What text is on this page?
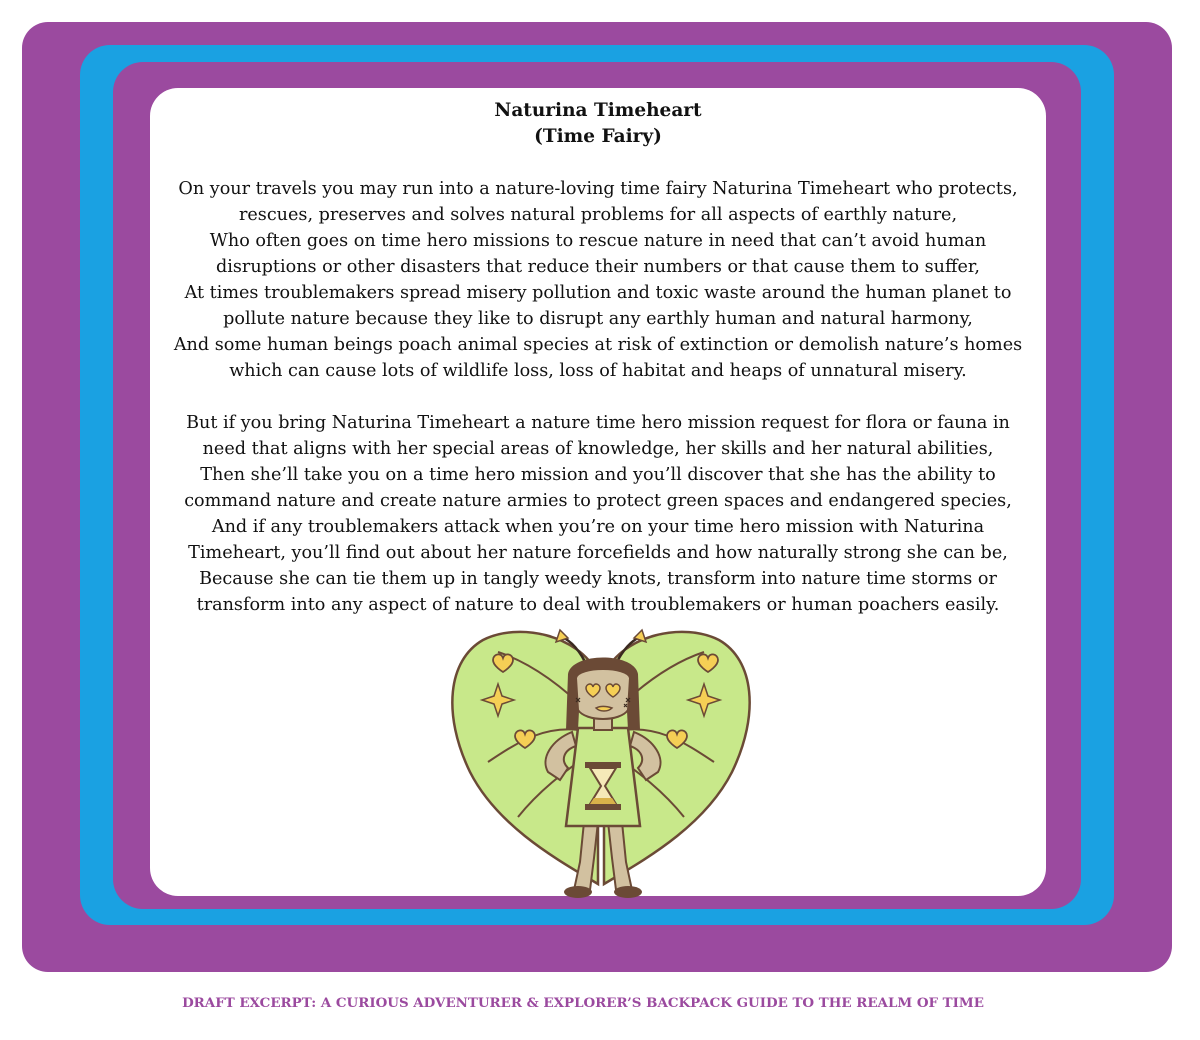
Naturina Timeheart
(Time Fairy)
On your travels you may run into a nature-loving time fairy Naturina Timeheart who protects,
rescues, preserves and solves natural problems for all aspects of earthly nature,
Who often goes on time hero missions to rescue nature in need that can’t avoid human
disruptions or other disasters that reduce their numbers or that cause them to suffer,
At times troublemakers spread misery pollution and toxic waste around the human planet to
pollute nature because they like to disrupt any earthly human and natural harmony,
And some human beings poach animal species at risk of extinction or demolish nature’s homes
which can cause lots of wildlife loss, loss of habitat and heaps of unnatural misery.
But if you bring Naturina Timeheart a nature time hero mission request for flora or fauna in
need that aligns with her special areas of knowledge, her skills and her natural abilities,
Then she’ll take you on a time hero mission and you’ll discover that she has the ability to
command nature and create nature armies to protect green spaces and endangered species,
And if any troublemakers attack when you’re on your time hero mission with Naturina
Timeheart, you’ll find out about her nature forcefields and how naturally strong she can be,
Because she can tie them up in tangly weedy knots, transform into nature time storms or
transform into any aspect of nature to deal with troublemakers or human poachers easily.
DRAFT EXCERPT: A CURIOUS ADVENTURER & EXPLORER’S BACKPACK GUIDE TO THE REALM OF TIME
